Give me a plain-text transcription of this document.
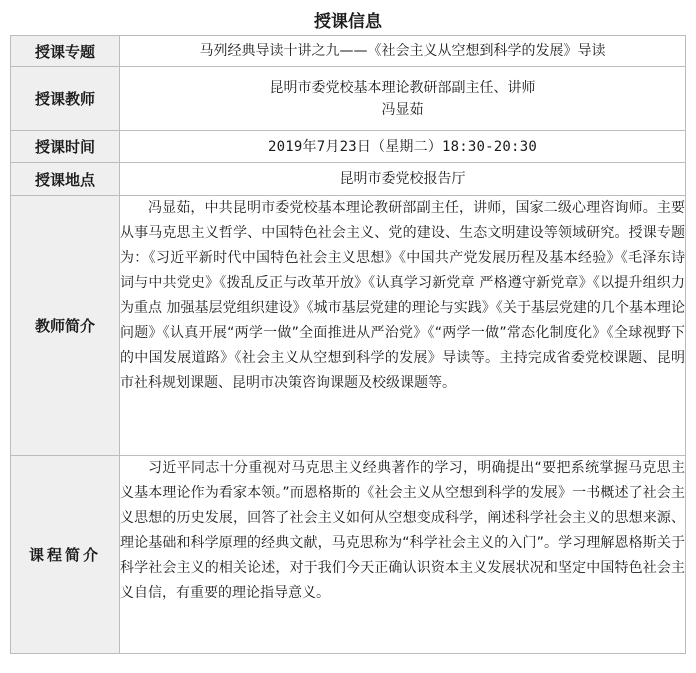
授课信息
授课专题	马列经典导读十讲之九——《社会主义从空想到科学的发展》导读
授课教师	昆明市委党校基本理论教研部副主任、讲师
冯显茹

授课时间	2019年7月23日（星期二）18:30-20:30
授课地点	昆明市委党校报告厅
教师简介	冯显茹，中共昆明市委党校基本理论教研部副主任，讲师，国家二级心理咨询师。主要从事马克思主义哲学、中国特色社会主义、党的建设、生态文明建设等领域研究。授课专题为：《习近平新时代中国特色社会主义思想》《中国共产党发展历程及基本经验》《毛泽东诗词与中共党史》《拨乱反正与改革开放》《认真学习新党章 严格遵守新党章》《以提升组织力为重点 加强基层党组织建设》《城市基层党建的理论与实践》《关于基层党建的几个基本理论问题》《认真开展“两学一做”全面推进从严治党》《“两学一做”常态化制度化》《全球视野下的中国发展道路》《社会主义从空想到科学的发展》导读等。主持完成省委党校课题、昆明市社科规划课题、昆明市决策咨询课题及校级课题等。

课程简介	习近平同志十分重视对马克思主义经典著作的学习，明确提出“要把系统掌握马克思主义基本理论作为看家本领。”而恩格斯的《社会主义从空想到科学的发展》一书概述了社会主义思想的历史发展，回答了社会主义如何从空想变成科学，阐述科学社会主义的思想来源、理论基础和科学原理的经典文献，马克思称为“科学社会主义的入门”。学习理解恩格斯关于科学社会主义的相关论述，对于我们今天正确认识资本主义发展状况和坚定中国特色社会主义自信，有重要的理论指导意义。
